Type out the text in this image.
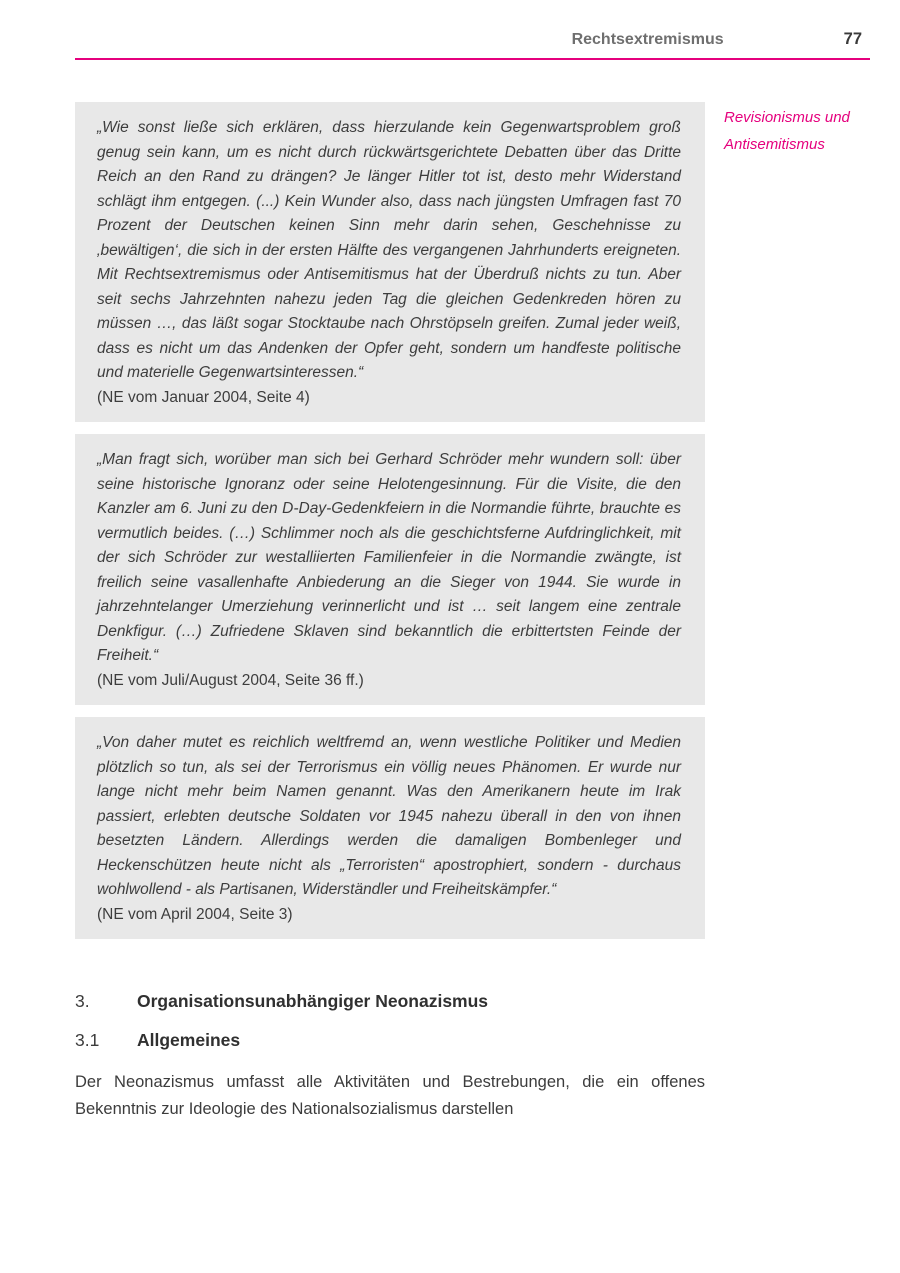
Rechtsextremismus	77
Revisionismus und
Antisemitismus

„Wie sonst ließe sich erklären, dass hierzulande kein Gegenwartsproblem groß genug sein kann, um es nicht durch rückwärtsgerichtete Debatten über das Dritte Reich an den Rand zu drängen? Je länger Hitler tot ist, desto mehr Widerstand schlägt ihm entgegen. (...) Kein Wunder also, dass nach jüngsten Umfragen fast 70 Prozent der Deutschen keinen Sinn mehr darin sehen, Geschehnisse zu ‚bewältigen‘, die sich in der ersten Hälfte des vergangenen Jahrhunderts ereigneten. Mit Rechtsextremismus oder Antisemitismus hat der Überdruß nichts zu tun. Aber seit sechs Jahrzehnten nahezu jeden Tag die gleichen Gedenkreden hören zu müssen …, das läßt sogar Stocktaube nach Ohrstöpseln greifen. Zumal jeder weiß, dass es nicht um das Andenken der Opfer geht, sondern um handfeste politische und materielle Gegenwartsinteressen.“

(NE vom Januar 2004, Seite 4)

„Man fragt sich, worüber man sich bei Gerhard Schröder mehr wundern soll: über seine historische Ignoranz oder seine Helotengesinnung. Für die Visite, die den Kanzler am 6. Juni zu den D-Day-Gedenkfeiern in die Normandie führte, brauchte es vermutlich beides. (…) Schlimmer noch als die geschichtsferne Aufdringlichkeit, mit der sich Schröder zur westalliierten Familienfeier in die Normandie zwängte, ist freilich seine vasallenhafte Anbiederung an die Sieger von 1944. Sie wurde in jahrzehntelanger Umerziehung verinnerlicht und ist … seit langem eine zentrale Denkfigur. (…) Zufriedene Sklaven sind bekanntlich die erbittertsten Feinde der Freiheit.“

(NE vom Juli/August 2004, Seite 36 ff.)

„Von daher mutet es reichlich weltfremd an, wenn westliche Politiker und Medien plötzlich so tun, als sei der Terrorismus ein völlig neues Phänomen. Er wurde nur lange nicht mehr beim Namen genannt. Was den Amerikanern heute im Irak passiert, erlebten deutsche Soldaten vor 1945 nahezu überall in den von ihnen besetzten Ländern. Allerdings werden die damaligen Bombenleger und Heckenschützen heute nicht als „Terroristen“ apostrophiert, sondern - durchaus wohlwollend - als Partisanen, Widerständler und Freiheitskämpfer.“

(NE vom April 2004, Seite 3)

3.	Organisationsunabhängiger Neonazismus
3.1	Allgemeines

Der Neonazismus umfasst alle Aktivitäten und Bestrebungen, die ein offenes Bekenntnis zur Ideologie des Nationalsozialismus darstellen
